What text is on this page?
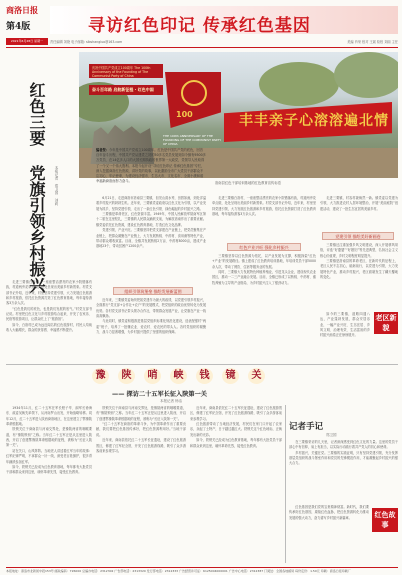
商洛日报
第4版
2021年6月28日 星期一
寻访红色印记 传承红色基因
责任编辑 刘艳 电子邮箱: slbshangluo@163.com	美编 肖荣 校对 王斌 检校 刘丽 主任
红色三要 党旗引领乡村振兴	本报记者 郑卫国 刘莉
庆祝中国共产党成立100周年 The 100th Anniversary of the Founding of The Communist Party of China
奋斗百年路 启航新征程 · 红色中国
100
THE 100th ANNIVERSARY OF THE FOUNDING OF THE COMMUNIST PARTY OF CHINA
丰丰亲子心溶溶遍北情
洛南县红色干部培训基地的红色教育宣传标语
编者按：今年是中国共产党成立100周年。红色是中国共产党的底色，回首百年奋斗历程，中国共产党从建党之初的50多名党员发展到如今拥有9500多万党员、在14亿多人口的大国长期执政的世界第一大政党，党领导人民取得了一个又一个伟大胜利。本报今起开设“寻访红色印记 传承红色基因”专栏，深入挖掘商洛红色资源，讲好党的故事，以此激励全市广大党员干部群众不忘初心、牢记使命，为建设经济强市、生态大市、文化名市、全面小康和谐幸福新商洛而努力奋斗。

6月21日，走进商洛市洛南县三要镇，但见山清水秀，田园如画，到处洋溢着乡村振兴的勃勃生机。近年来，三要镇党委政府以红色文化为引领，以产业发展为抓手，坚持党建引领，走出了一条红色引领、绿色崛起的乡村振兴之路。

三要镇是革命老区，红色资源丰富。1949年，中国人民解放军陕南军区第十二旅在这里驻扎，三要镇的人民群众踊跃支前，为解放洛南作出了重要贡献。镇党委依托红色资源，建设红色教育基地，打造红色文化品牌。

党建引领，产业兴旺。三要镇坚持把党支部建在产业链上，把党员聚集在产业链上，把群众凝聚在产业链上，大力发展核桃、中药材、食用菌等特色产业，带动群众增收致富。目前，全镇共发展核桃2万亩、中药材8000亩，建成产业基地23个，带动贫困户1200余户。

组织引领筑堡垒 描绘发展新蓝图

近年来，三要镇党委始终把抓党建作为最大的政绩，以党建引领乡村振兴，全面推行“党支部+合作社+农户”的发展模式，把党组织的政治优势转化为发展优势。各村党支部书记带头领办合作社，带领群众发展产业，让党旗在产业一线高高飘扬。

与此同时，镇党委积极推进基层党组织标准化规范化建设，选优配强村“两委”班子，培养了一批懂农业、爱农村、爱农民的带头人。各村党组织的凝聚力、战斗力显著增强，为乡村振兴提供了坚强的组织保障。

走进三要镇白洛村，一座座整洁漂亮的农家小院错落有致，村道两旁花草点缀，处处呈现出美丽乡村新景象。村党支部书记介绍，近年来，村里坚持党建引领，大力发展红色旅游和乡村旅游，依托红色资源打造了红色教育基地，每年接待游客3万余人次。

“红色是我们的底色，也是我们发展的底气。”村党支部书记说。村里把红色文化与乡村旅游结合起来，开发了农家乐、民宿等旅游项目，让群众吃上了“旅游饭”。

如今，白洛村已成为远近闻名的红色旅游村，村民人均纯收入大幅增长，群众的获得感、幸福感不断提升。

走进三要镇白洛村，一座座整洁漂亮的农家小院错落有致，村道两旁花草点缀，处处呈现出美丽乡村新景象。村党支部书记介绍，近年来，村里坚持党建引领，大力发展红色旅游和乡村旅游，依托红色资源打造了红色教育基地，每年接待游客3万余人次。

红色产业兴旺 强化乡村振兴

三要镇坚持以红色资源为依托，以产业发展为支撑，积极探索“红色+产业”的发展路径。镇上建成了红色教育培训基地，年培训党员干部5000余人次，带动了餐饮、住宿等服务业的发展。

同时，三要镇大力发展特色种植养殖业，引进龙头企业，建设现代农业园区，推动一二三产业融合发展。目前，全镇已形成了以核桃、中药材、畜牧养殖为主导的产业格局，为乡村振兴注入了强劲动力。

走进三要镇，村容村貌焕然一新。镇党委以党建为引领，大力推进农村人居环境整治，开展“美丽庭院”创建活动，建设了一批生态宜居的美丽乡村。

党建引领 描绘美好新画卷

三要镇还注重加强乡风文明建设，深入开展移风易俗，评选“好婆婆”“好媳妇”等先进典型，弘扬社会主义核心价值观，乡村文明程度明显提升。

三要镇是洛南县的革命老区，在新时代的征程上，老区人民不忘初心，砥砺前行，以党建为引领，大力发展特色产业，推动乡村振兴，老区面貌发生了翻天覆地的变化。

老区新貌

如今的三要镇，道路四通八达，产业蓬勃发展，群众安居乐业，一幅产业兴旺、生态宜居、乡风文明、治理有效、生活富裕的乡村振兴画卷正在徐徐展开。

豫	陕	哨	峡	钱	镜	关
—— 探访二十五军长征入陕第一关
本报记者 杨洁

1934年11月，红二十五军在军长程子华、副军长徐海东、政委吴焕先率领下，从河南罗山出发，开始战略转移。同年12月，红二十五军进入陕西商洛地区，在这里建立了鄂豫陕革命根据地。

铁锁关位于商南县与河南交界处，是豫陕两省的咽喉要道，有“豫陕锁钥”之称。当年红二十五军正是从这里进入陕西，开启了创建鄂豫陕革命根据地的征程，被称为“长征入陕第一关”。

站在关口，山风阵阵。当地老人讲述着红军当年的故事：红军纪律严明，不拿群众一针一线，深受老百姓拥护，很多青年踊跃参加红军。

如今，铁锁关已经成为红色教育基地，每年都有大批党员干部和群众来到这里，缅怀革命先烈，接受红色教育。

铁锁关位于商南县与河南交界处，是豫陕两省的咽喉要道，有“豫陕锁钥”之称。当年红二十五军正是从这里进入陕西，开启了创建鄂豫陕革命根据地的征程，被称为“长征入陕第一关”。

“红二十五军在商洛的革命斗争，为中国革命作出了重要贡献，我们要把红色基因传承好，把红色资源利用好。”当地干部说。

近年来，商南县依托红二十五军长征遗址，建设了红色旅游景区，修建了红军纪念馆，开发了红色旅游线路，吸引了众多游客前来参观学习。

近年来，商南县依托红二十五军长征遗址，建设了红色旅游景区，修建了红军纪念馆，开发了红色旅游线路，吸引了众多游客前来参观学习。

红色旅游带动了当地经济发展，村民们在家门口开起了农家乐，卖起了土特产，日子越过越红火。铁锁关这个红色地标，正焕发出新的光彩。

如今，铁锁关已经成为红色教育基地，每年都有大批党员干部和群众来到这里，缅怀革命先烈，接受红色教育。

记者手记
郑卫国

在三要镇采访的几天里，记者深深感受到红色文化的力量。这里的党员干部心中有信仰，肩上有担当，以实际行动践行着共产党人的初心和使命。

乡村振兴，关键在党。三要镇的实践证明，只有坚持党建引领，充分发挥基层党组织的战斗堡垒作用和党员的先锋模范作用，才能凝聚起乡村振兴的强大合力。

红色基因是我们党的宝贵精神财富。新时代，我们要传承好红色基因，赓续红色血脉，把红色资源转化为推动发展的强大动力，奋力谱写乡村振兴新篇章。	红色故事
本报地址：商洛市北新街中段153号 邮政编码：726000 总编办电话：2312302 广告部电话：2313320 发行部电话：2312333 广告经营许可证：6125004000001 广告中心电话：2312387 订阅处：全国各地邮局 每份定价：1.50元 印刷：商洛日报印刷厂
